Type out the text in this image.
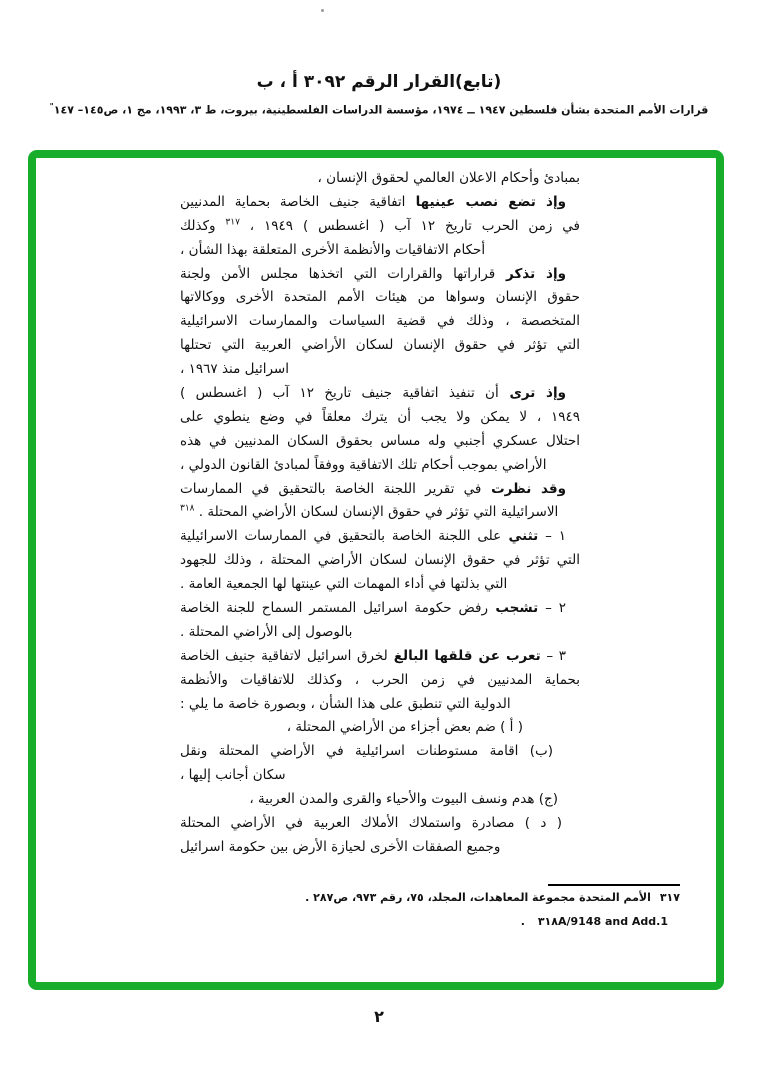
(تابع)القرار الرقم ٣٠٩٢ أ ، ب
قرارات الأمم المتحدة بشأن فلسطين ١٩٤٧ ــ ١٩٧٤، مؤسسة الدراسات الفلسطينية، بيروت، ط ٣، ١٩٩٣، مج ١، ص١٤٥– ١٤٧"
بمبادئ وأحكام الاعلان العالمي لحقوق الإنسان ،
وإذ تضع نصب عينيها اتفاقية جنيف الخاصة بحماية المدنيين
في زمن الحرب تاريخ ١٢ آب ( اغسطس ) ١٩٤٩ ، $^{٣١٧}$ وكذلك
أحكام الاتفاقيات والأنظمة الأخرى المتعلقة بهذا الشأن ،
وإذ تذكر قراراتها والقرارات التي اتخذها مجلس الأمن ولجنة
حقوق الإنسان وسواها من هيئات الأمم المتحدة الأخرى ووكالاتها
المتخصصة ، وذلك في قضية السياسات والممارسات الاسرائيلية
التي تؤثر في حقوق الإنسان لسكان الأراضي العربية التي تحتلها
اسرائيل منذ ١٩٦٧ ،
وإذ ترى أن تنفيذ اتفاقية جنيف تاريخ ١٢ آب ( اغسطس )
١٩٤٩ ، لا يمكن ولا يجب أن يترك معلقاً في وضع ينطوي على
احتلال عسكري أجنبي وله مساس بحقوق السكان المدنيين في هذه
الأراضي بموجب أحكام تلك الاتفاقية ووفقاً لمبادئ القانون الدولي ،
وقد نظرت في تقرير اللجنة الخاصة بالتحقيق في الممارسات
الاسرائيلية التي تؤثر في حقوق الإنسان لسكان الأراضي المحتلة . $^{٣١٨}$
١ – تثني على اللجنة الخاصة بالتحقيق في الممارسات الاسرائيلية
التي تؤثر في حقوق الإنسان لسكان الأراضي المحتلة ، وذلك للجهود
التي بذلتها في أداء المهمات التي عينتها لها الجمعية العامة .
٢ – تشجب رفض حكومة اسرائيل المستمر السماح للجنة الخاصة
بالوصول إلى الأراضي المحتلة .
٣ – تعرب عن قلقها البالغ لخرق اسرائيل لاتفاقية جنيف الخاصة
بحماية المدنيين في زمن الحرب ، وكذلك للاتفاقيات والأنظمة
الدولية التي تنطبق على هذا الشأن ، وبصورة خاصة ما يلي :
( أ ) ضم بعض أجزاء من الأراضي المحتلة ،
(ب) اقامة مستوطنات اسرائيلية في الأراضي المحتلة ونقل
سكان أجانب إليها ،
(ج) هدم ونسف البيوت والأحياء والقرى والمدن العربية ،
( د ) مصادرة واستملاك الأملاك العربية في الأراضي المحتلة
وجميع الصفقات الأخرى لحيازة الأرض بين حكومة اسرائيل
٣١٧الأمم المتحدة مجموعة المعاهدات، المجلد، ٧٥، رقم ٩٧٣، ص٢٨٧ .
٣١٨A/9148 and Add.1 .
٢
